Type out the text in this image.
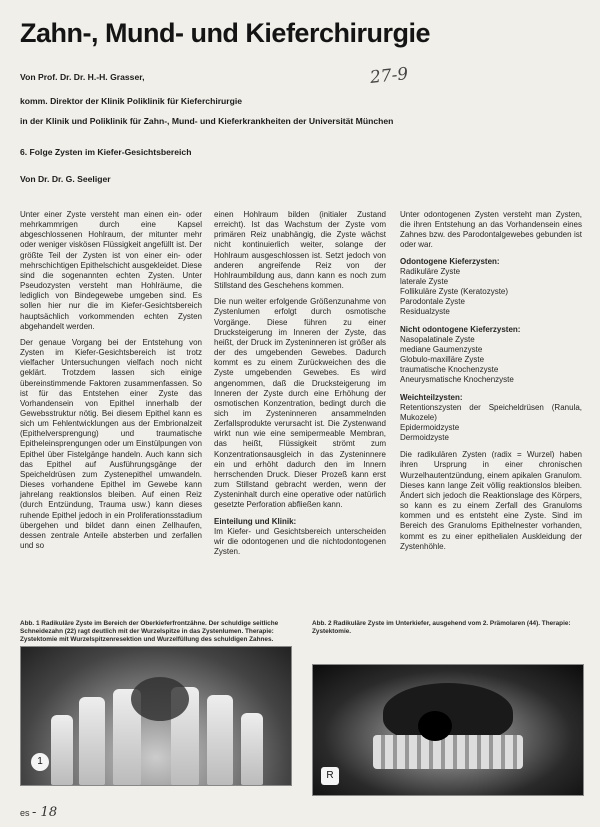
Zahn-, Mund- und Kieferchirurgie
27-9
Von Prof. Dr. Dr. H.-H. Grasser,
komm. Direktor der Klinik Poliklinik für Kieferchirurgie
in der Klinik und Poliklinik für Zahn-, Mund- und Kieferkrankheiten der Universität München
6. Folge Zysten im Kiefer-Gesichtsbereich
Von Dr. Dr. G. Seeliger

Unter einer Zyste versteht man einen ein- oder mehrkammrigen durch eine Kapsel abgeschlossenen Hohlraum, der mitunter mehr oder weniger viskösen Flüssigkeit angefüllt ist. Der größte Teil der Zysten ist von einer ein- oder mehrschichtigen Epithelschicht ausgekleidet. Diese sind die sogenannten echten Zysten. Unter Pseudozysten versteht man Hohlräume, die lediglich von Bindegewebe umgeben sind. Es sollen hier nur die im Kiefer-Gesichtsbereich hauptsächlich vorkommenden echten Zysten abgehandelt werden.

Der genaue Vorgang bei der Entstehung von Zysten im Kiefer-Gesichtsbereich ist trotz vielfacher Untersuchungen vielfach noch nicht geklärt. Trotzdem lassen sich einige übereinstimmende Faktoren zusammenfassen. So ist für das Entstehen einer Zyste das Vorhandensein von Epithel innerhalb der Gewebsstruktur nötig. Bei diesem Epithel kann es sich um Fehlentwicklungen aus der Embrionalzeit (Epithelversprengung) und traumatische Epitheleinsprengungen oder um Einstülpungen von Epithel über Fistelgänge handeln. Auch kann sich das Epithel auf Ausführungsgänge der Speicheldrüsen zum Zystenepithel umwandeln. Dieses vorhandene Epithel im Gewebe kann jahrelang reaktionslos bleiben. Auf einen Reiz (durch Entzündung, Trauma usw.) kann dieses ruhende Epithel jedoch in ein Proliferationsstadium übergehen und bildet dann einen Zellhaufen, dessen zentrale Anteile absterben und zerfallen und so

einen Hohlraum bilden (initialer Zustand erreicht). Ist das Wachstum der Zyste vom primären Reiz unabhängig, die Zyste wächst nicht kontinuierlich weiter, solange der Hohlraum ausgeschlossen ist. Setzt jedoch von anderen angreifende Reiz von der Hohlraumbildung aus, dann kann es noch zum Stillstand des Geschehens kommen.

Die nun weiter erfolgende Größenzunahme von Zystenlumen erfolgt durch osmotische Vorgänge. Diese führen zu einer Drucksteigerung im Inneren der Zyste, das heißt, der Druck im Zysteninneren ist größer als der des umgebenden Gewebes. Dadurch kommt es zu einem Zurückweichen des die Zyste umgebenden Gewebes. Es wird angenommen, daß die Drucksteigerung im Inneren der Zyste durch eine Erhöhung der osmotischen Konzentration, bedingt durch die sich im Zysteninneren ansammelnden Zerfallsprodukte verursacht ist. Die Zystenwand wirkt nun wie eine semipermeable Membran, das heißt, Flüssigkeit strömt zum Konzentrationsausgleich in das Zysteninnere ein und erhöht dadurch den im Innern herrschenden Druck. Dieser Prozeß kann erst zum Stillstand gebracht werden, wenn der Zysteninhalt durch eine operative oder natürlich gesetzte Perforation abfließen kann.

Einteilung und Klinik:

Im Kiefer- und Gesichtsbereich unterscheiden wir die odontogenen und die nichtodontogenen Zysten.

Unter odontogenen Zysten versteht man Zysten, die ihren Entstehung an das Vorhandensein eines Zahnes bzw. des Parodontalgewebes gebunden ist oder war.

Odontogene Kieferzysten:
Radikuläre Zyste
laterale Zyste
Follikuläre Zyste (Keratozyste)
Parodontale Zyste
Residualzyste
Nicht odontogene Kieferzysten:
Nasopalatinale Zyste
mediane Gaumenzyste
Globulo-maxilläre Zyste
traumatische Knochenzyste
Aneurysmatische Knochenzyste
Weichteilzysten:
Retentionszysten der Speicheldrüsen (Ranula, Mukozele)
Epidermoidzyste
Dermoidzyste

Die radikulären Zysten (radix = Wurzel) haben ihren Ursprung in einer chronischen Wurzelhautentzündung, einem apikalen Granulom. Dieses kann lange Zeit völlig reaktionslos bleiben. Ändert sich jedoch die Reaktionslage des Körpers, so kann es zu einem Zerfall des Granuloms kommen und es entsteht eine Zyste. Sind im Bereich des Granuloms Epithelnester vorhanden, kommt es zu einer epithelialen Auskleidung der Zystenhöhle.

Abb. 1 Radikuläre Zyste im Bereich der Oberkieferfrontzähne. Der schuldige seitliche Schneidezahn (22) ragt deutlich mit der Wurzelspitze in das Zystenlumen. Therapie: Zystektomie mit Wurzelspitzenresektion und Wurzelfüllung des schuldigen Zahnes.
Abb. 2 Radikuläre Zyste im Unterkiefer, ausgehend vom 2. Prämolaren (44). Therapie: Zystektomie.
1
R
es - 18
